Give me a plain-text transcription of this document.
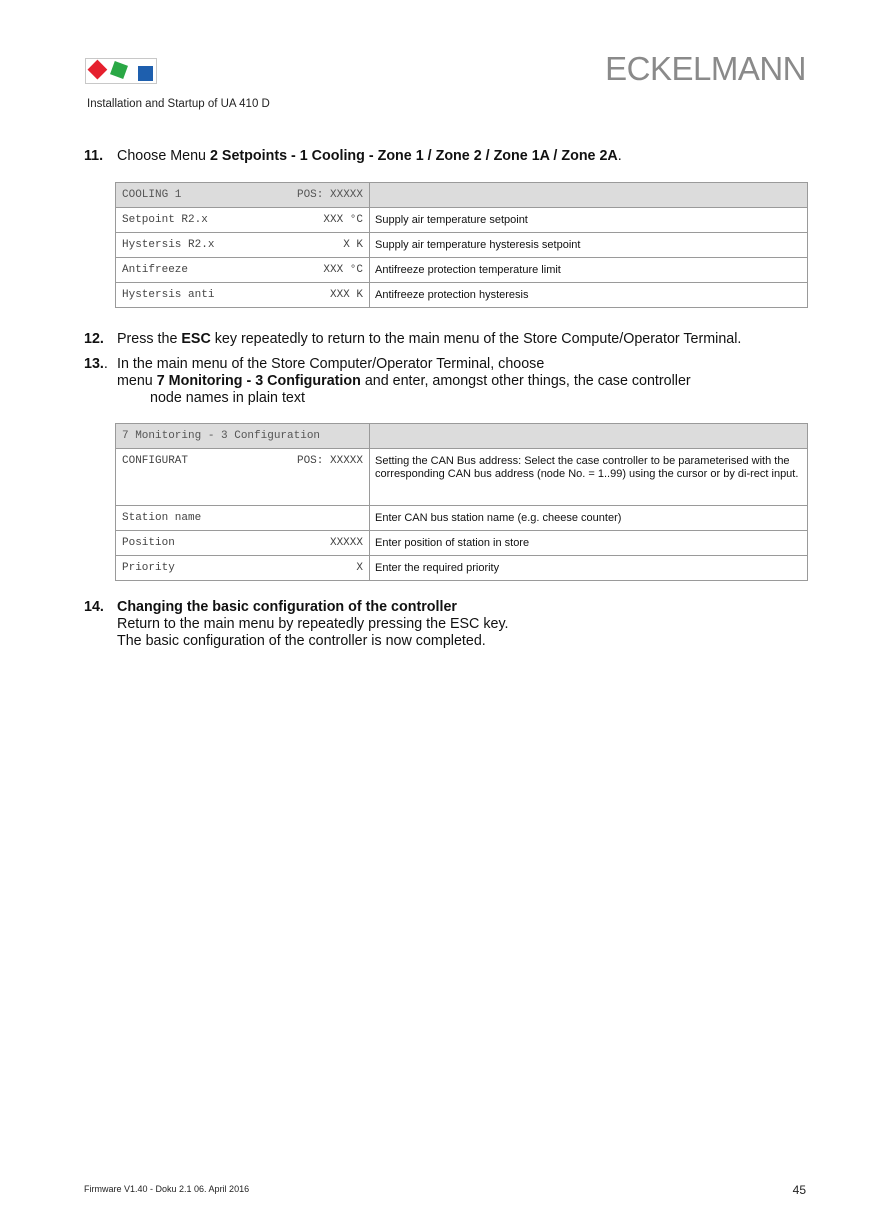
ECKELMANN
Installation and Startup of UA 410 D
11. Choose Menu 2 Setpoints - 1 Cooling - Zone 1 / Zone 2 / Zone 1A / Zone 2A.
COOLING 1 POS: XXXXX	

Setpoint R2.x XXX °C	Supply air temperature setpoint
Hystersis R2.x X K	Supply air temperature hysteresis setpoint
Antifreeze XXX °C	Antifreeze protection temperature limit
Hystersis anti XXX K	Antifreeze protection hysteresis
12. Press the ESC key repeatedly to return to the main menu of the Store Compute/Operator Terminal.
13.. In the main menu of the Store Computer/Operator Terminal, choose
menu 7 Monitoring - 3 Configuration and enter, amongst other things, the case controller
node names in plain text
7 Monitoring - 3 Configuration	
CONFIGURAT POS: XXXXX	Setting the CAN Bus address: Select the case controller to be parameterised with the corresponding CAN bus address (node No. = 1..99) using the cursor or by di-rect input.
Station name	Enter CAN bus station name (e.g. cheese counter)
Position XXXXX	Enter position of station in store
Priority X	Enter the required priority
14. Changing the basic configuration of the controller
Return to the main menu by repeatedly pressing the ESC key.
The basic configuration of the controller is now completed.
Firmware V1.40 - Doku 2.1 06. April 2016	45
